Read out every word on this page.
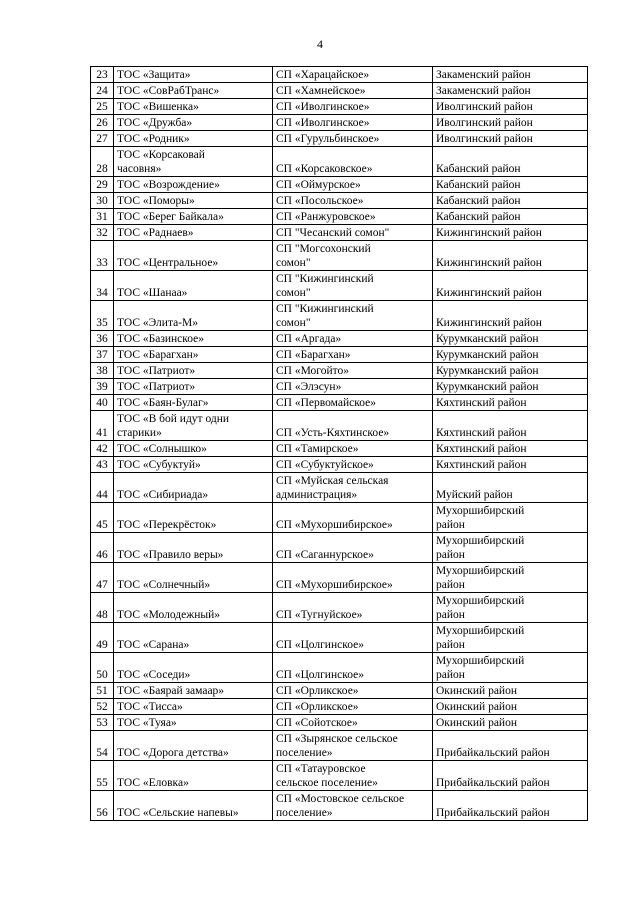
4
23	ТОС «Защита»	СП «Харацайское»	Закаменский район

24	ТОС «СовРабТранс»	СП «Хамнейское»	Закаменский район

25	ТОС «Вишенка»	СП «Иволгинское»	Иволгинский район

26	ТОС «Дружба»	СП «Иволгинское»	Иволгинский район

27	ТОС «Родник»	СП «Гурульбинское»	Иволгинский район

28	ТОС «Корсаковай
часовня»	СП «Корсаковское»	Кабанский район

29	ТОС «Возрождение»	СП «Оймурское»	Кабанский район

30	ТОС «Поморы»	СП «Посольское»	Кабанский район

31	ТОС «Берег Байкала»	СП «Ранжуровское»	Кабанский район

32	ТОС «Раднаев»	СП "Чесанский сомон"	Кижингинский район

33	ТОС «Центральное»	СП "Могсохонский
сомон"	Кижингинский район

34	ТОС «Шанаа»	СП "Кижингинский
сомон"	Кижингинский район

35	ТОС «Элита-М»	СП "Кижингинский
сомон"	Кижингинский район

36	ТОС «Базинское»	СП «Аргада»	Курумканский район

37	ТОС «Барагхан»	СП «Барагхан»	Курумканский район

38	ТОС «Патриот»	СП «Могойто»	Курумканский район

39	ТОС «Патриот»	СП «Элэсун»	Курумканский район

40	ТОС «Баян-Булаг»	СП «Первомайское»	Кяхтинский район

41	ТОС «В бой идут одни
старики»	СП «Усть-Кяхтинское»	Кяхтинский район

42	ТОС «Солнышко»	СП «Тамирское»	Кяхтинский район

43	ТОС «Субуктуй»	СП «Субуктуйское»	Кяхтинский район

44	ТОС «Сибириада»	СП «Муйская сельская
администрация»	Муйский район

45	ТОС «Перекрёсток»	СП «Мухоршибирское»	Мухоршибирский
район

46	ТОС «Правило веры»	СП «Саганнурское»	Мухоршибирский
район

47	ТОС «Солнечный»	СП «Мухоршибирское»	Мухоршибирский
район

48	ТОС «Молодежный»	СП «Тугнуйское»	Мухоршибирский
район

49	ТОС «Сарана»	СП «Цолгинское»	Мухоршибирский
район

50	ТОС «Соседи»	СП «Цолгинское»	Мухоршибирский
район

51	ТОС «Баярай замаар»	СП «Орликское»	Окинский район

52	ТОС «Тисса»	СП «Орликское»	Окинский район

53	ТОС «Туяа»	СП «Сойотское»	Окинский район

54	ТОС «Дорога детства»	СП «Зырянское сельское
поселение»	Прибайкальский район

55	ТОС «Еловка»	СП «Татауровское
сельское поселение»	Прибайкальский район

56	ТОС «Сельские напевы»	СП «Мостовское сельское
поселение»	Прибайкальский район
